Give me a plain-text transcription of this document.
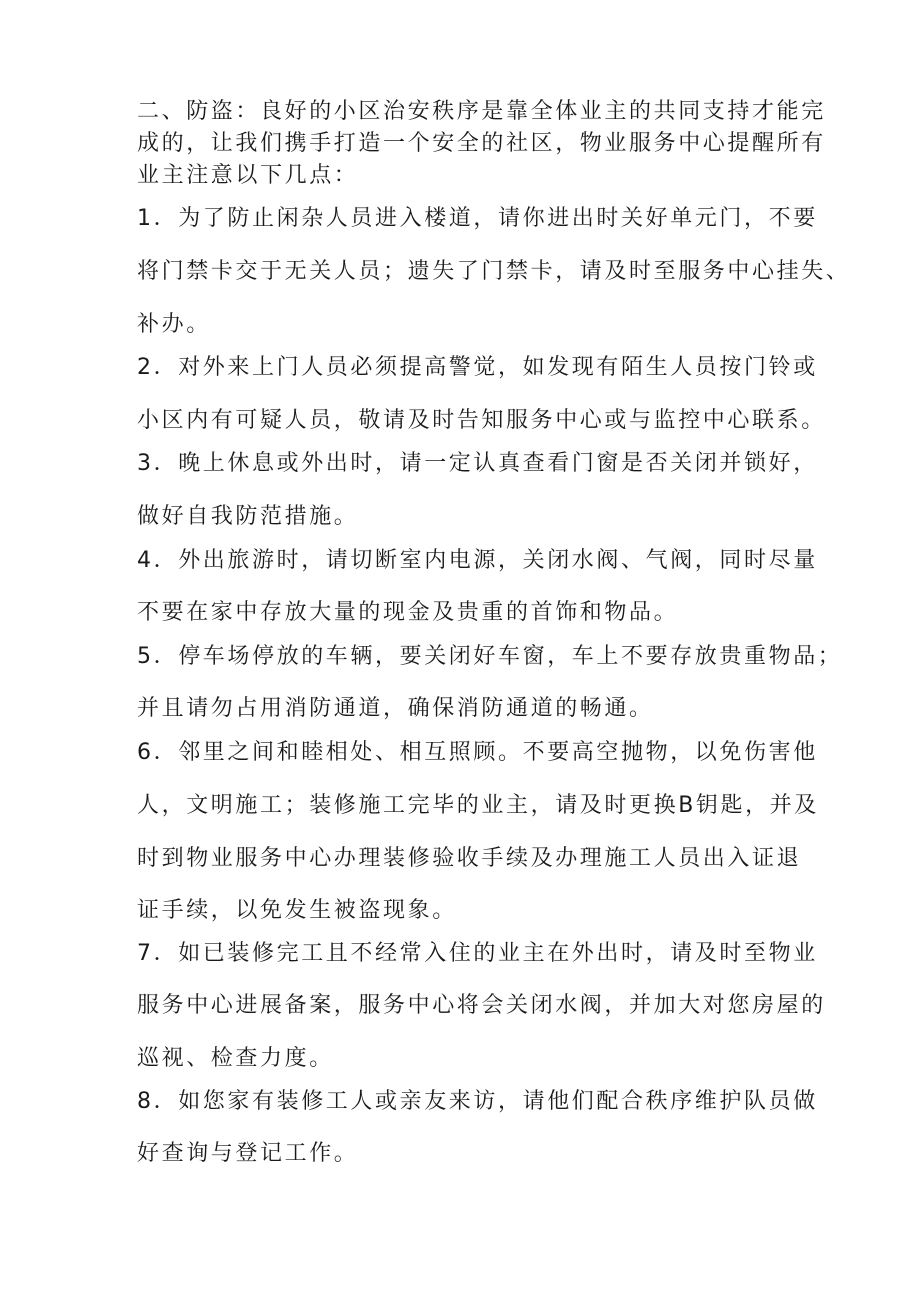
二、防盗：良好的小区治安秩序是靠全体业主的共同支持才能完
成的，让我们携手打造一个安全的社区，物业服务中心提醒所有
业主注意以下几点：
1．为了防止闲杂人员进入楼道，请你进出时关好单元门，不要
将门禁卡交于无关人员；遗失了门禁卡，请及时至服务中心挂失、
补办。
2．对外来上门人员必须提高警觉，如发现有陌生人员按门铃或
小区内有可疑人员，敬请及时告知服务中心或与监控中心联系。
3．晚上休息或外出时，请一定认真查看门窗是否关闭并锁好，
做好自我防范措施。
4．外出旅游时，请切断室内电源，关闭水阀、气阀，同时尽量
不要在家中存放大量的现金及贵重的首饰和物品。
5．停车场停放的车辆，要关闭好车窗，车上不要存放贵重物品；
并且请勿占用消防通道，确保消防通道的畅通。
6．邻里之间和睦相处、相互照顾。不要高空抛物，以免伤害他
人，文明施工；装修施工完毕的业主，请及时更换B钥匙，并及
时到物业服务中心办理装修验收手续及办理施工人员出入证退
证手续，以免发生被盗现象。
7．如已装修完工且不经常入住的业主在外出时，请及时至物业
服务中心进展备案，服务中心将会关闭水阀，并加大对您房屋的
巡视、检查力度。
8．如您家有装修工人或亲友来访，请他们配合秩序维护队员做
好查询与登记工作。
